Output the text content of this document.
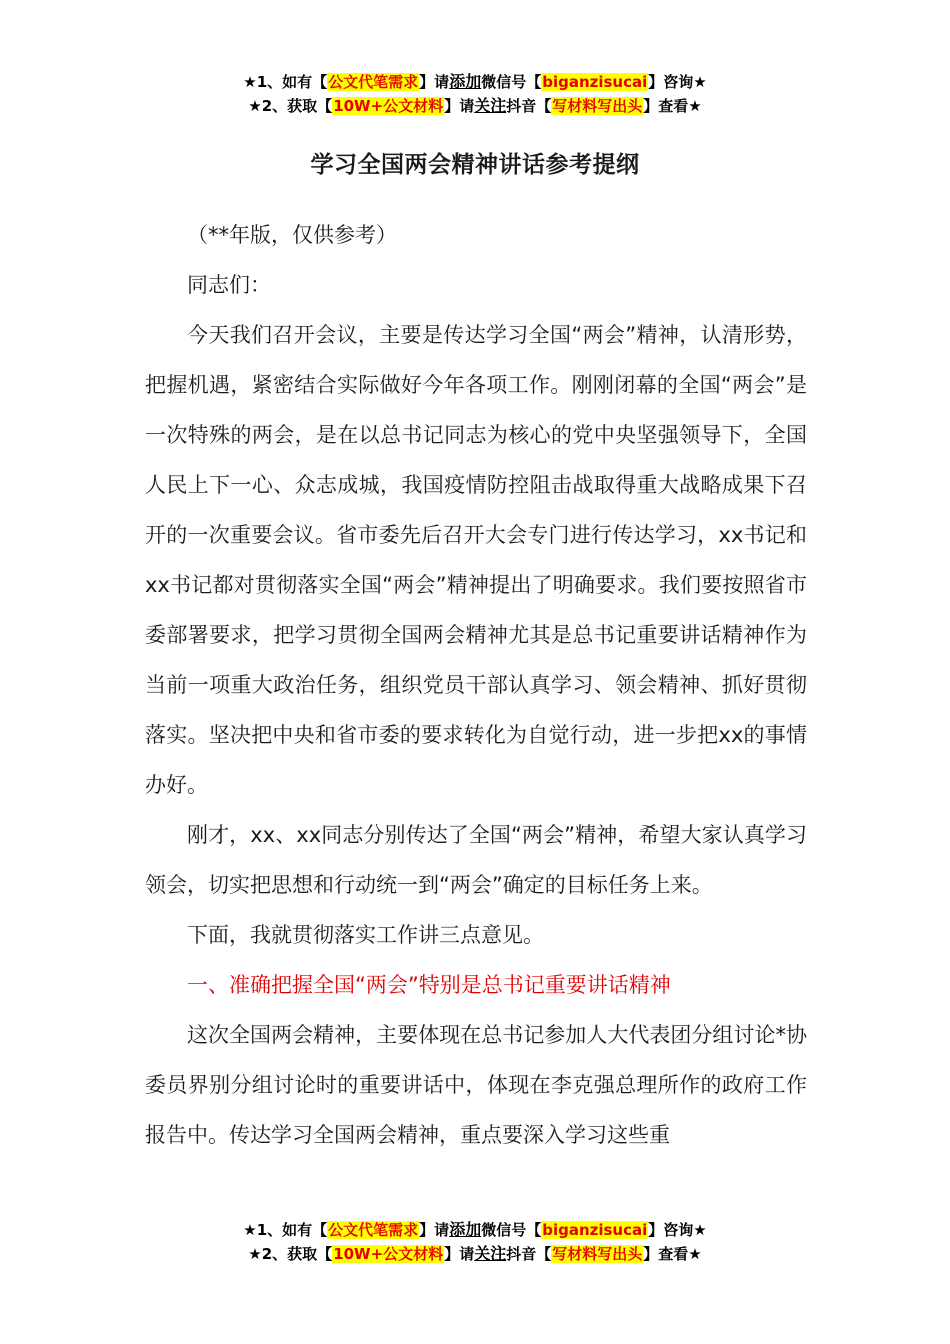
★1、如有【公文代笔需求】请添加微信号【biganzisucai】咨询★
★2、获取【10W+公文材料】请关注抖音【写材料写出头】查看★
学习全国两会精神讲话参考提纲

（**年版，仅供参考）

同志们：

今天我们召开会议，主要是传达学习全国“两会”精神，认清形势，把握机遇，紧密结合实际做好今年各项工作。刚刚闭幕的全国“两会”是一次特殊的两会，是在以总书记同志为核心的党中央坚强领导下，全国人民上下一心、众志成城，我国疫情防控阻击战取得重大战略成果下召开的一次重要会议。省市委先后召开大会专门进行传达学习，xx书记和xx书记都对贯彻落实全国“两会”精神提出了明确要求。我们要按照省市委部署要求，把学习贯彻全国两会精神尤其是总书记重要讲话精神作为当前一项重大政治任务，组织党员干部认真学习、领会精神、抓好贯彻落实。坚决把中央和省市委的要求转化为自觉行动，进一步把xx的事情办好。

刚才，xx、xx同志分别传达了全国“两会”精神，希望大家认真学习领会，切实把思想和行动统一到“两会”确定的目标任务上来。

下面，我就贯彻落实工作讲三点意见。

一、准确把握全国“两会”特别是总书记重要讲话精神

这次全国两会精神，主要体现在总书记参加人大代表团分组讨论*协委员界别分组讨论时的重要讲话中，体现在李克强总理所作的政府工作报告中。传达学习全国两会精神，重点要深入学习这些重

★1、如有【公文代笔需求】请添加微信号【biganzisucai】咨询★
★2、获取【10W+公文材料】请关注抖音【写材料写出头】查看★
